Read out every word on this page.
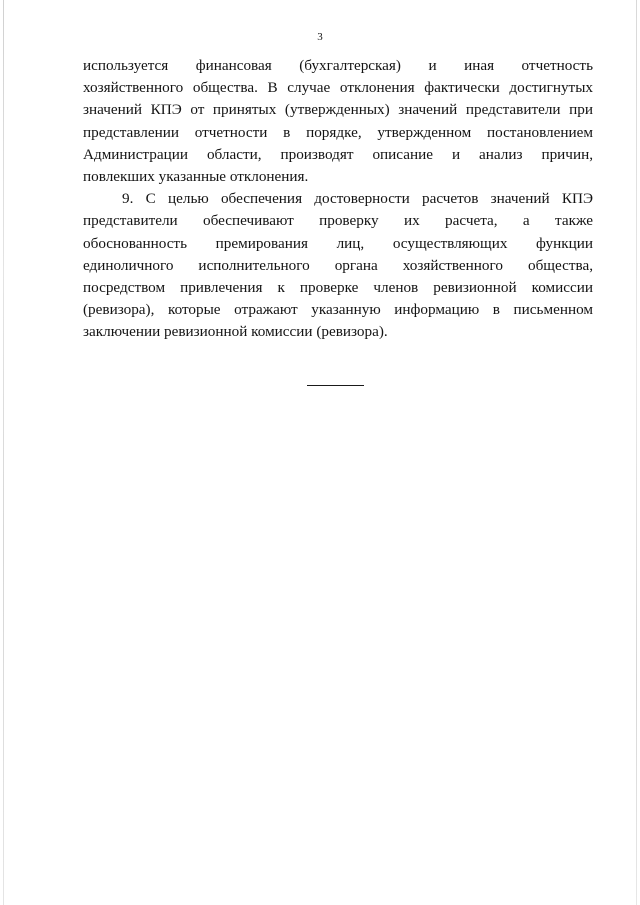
3
используется финансовая (бухгалтерская) и иная отчетность
хозяйственного общества. В случае отклонения фактически достигнутых
значений КПЭ от принятых (утвержденных) значений представители при
представлении отчетности в порядке, утвержденном постановлением
Администрации области, производят описание и анализ причин,
повлекших указанные отклонения.
9. С целью обеспечения достоверности расчетов значений КПЭ
представители обеспечивают проверку их расчета, а также
обоснованность премирования лиц, осуществляющих функции
единоличного исполнительного органа хозяйственного общества,
посредством привлечения к проверке членов ревизионной комиссии
(ревизора), которые отражают указанную информацию в письменном
заключении ревизионной комиссии (ревизора).
